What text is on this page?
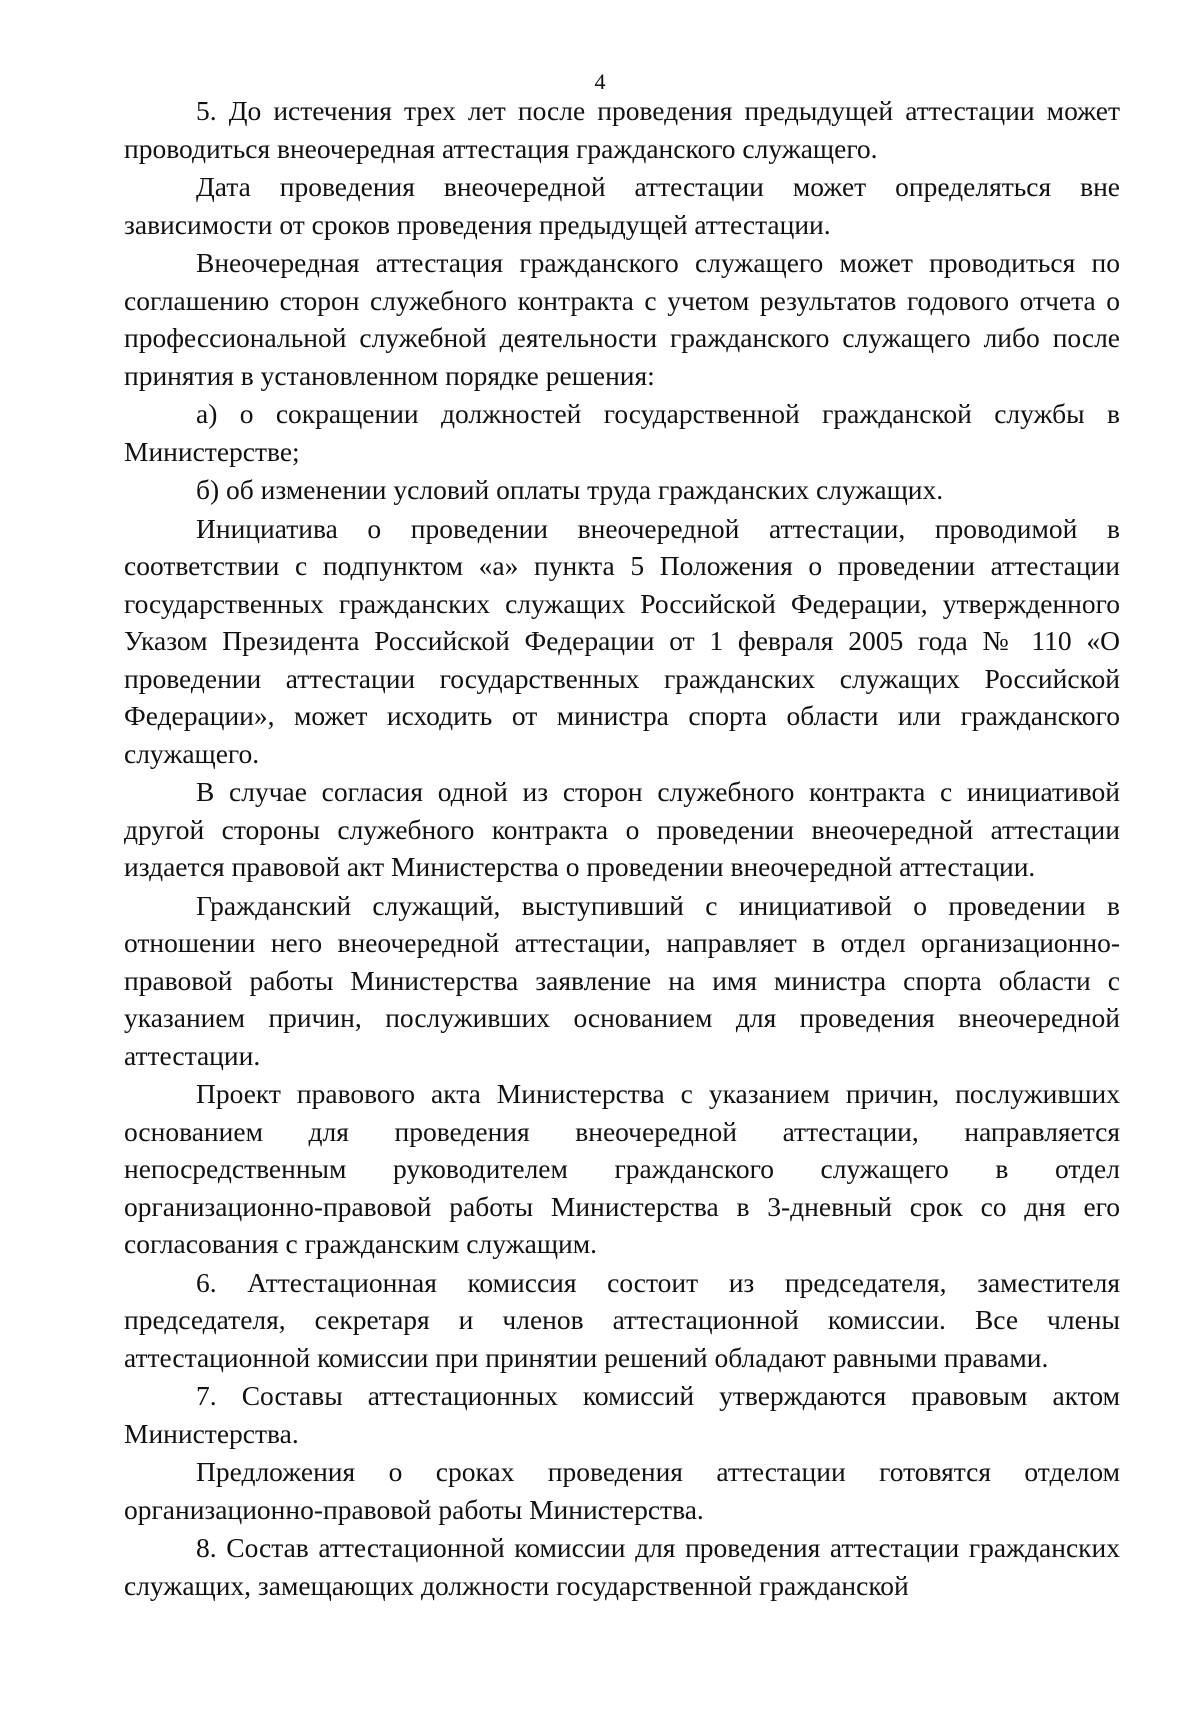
4

5. До истечения трех лет после проведения предыдущей аттестации может проводиться внеочередная аттестация гражданского служащего.

Дата проведения внеочередной аттестации может определяться вне зависимости от сроков проведения предыдущей аттестации.

Внеочередная аттестация гражданского служащего может проводиться по соглашению сторон служебного контракта с учетом результатов годового отчета о профессиональной служебной деятельности гражданского служащего либо после принятия в установленном порядке решения:

а) о сокращении должностей государственной гражданской службы в Министерстве;

б) об изменении условий оплаты труда гражданских служащих.

Инициатива о проведении внеочередной аттестации, проводимой в соответствии с подпунктом «а» пункта 5 Положения о проведении аттестации государственных гражданских служащих Российской Федерации, утвержденного Указом Президента Российской Федерации от 1 февраля 2005 года № 110 «О проведении аттестации государственных гражданских служащих Российской Федерации», может исходить от министра спорта области или гражданского служащего.

В случае согласия одной из сторон служебного контракта с инициативой другой стороны служебного контракта о проведении внеочередной аттестации издается правовой акт Министерства о проведении внеочередной аттестации.

Гражданский служащий, выступивший с инициативой о проведении в отношении него внеочередной аттестации, направляет в отдел организационно-правовой работы Министерства заявление на имя министра спорта области с указанием причин, послуживших основанием для проведения внеочередной аттестации.

Проект правового акта Министерства с указанием причин, послуживших основанием для проведения внеочередной аттестации, направляется непосредственным руководителем гражданского служащего в отдел организационно-правовой работы Министерства в 3-дневный срок со дня его согласования с гражданским служащим.

6. Аттестационная комиссия состоит из председателя, заместителя председателя, секретаря и членов аттестационной комиссии. Все члены аттестационной комиссии при принятии решений обладают равными правами.

7. Составы аттестационных комиссий утверждаются правовым актом Министерства.

Предложения о сроках проведения аттестации готовятся отделом организационно-правовой работы Министерства.

8. Состав аттестационной комиссии для проведения аттестации гражданских служащих, замещающих должности государственной гражданской
